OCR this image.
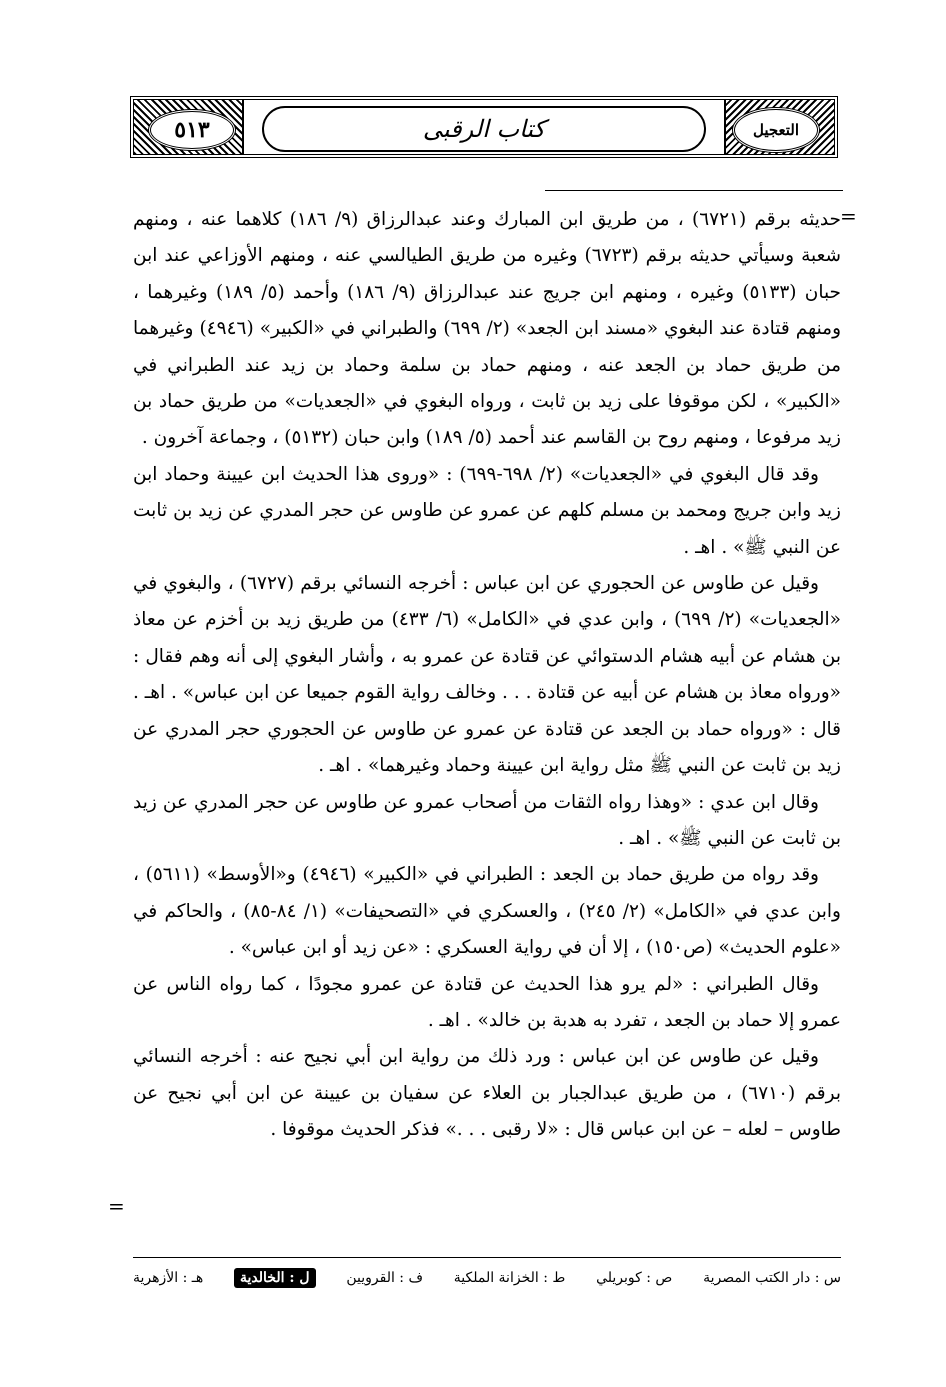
٥١٣	كتاب الرقبى	التعجيل
=

حديثه برقم (٦٧٢١) ، من طريق ابن المبارك وعند عبدالرزاق (٩/ ١٨٦) كلاهما عنه ، ومنهم شعبة وسيأتي حديثه برقم (٦٧٢٣) وغيره من طريق الطيالسي عنه ، ومنهم الأوزاعي عند ابن حبان (٥١٣٣) وغيره ، ومنهم ابن جريج عند عبدالرزاق (٩/ ١٨٦) وأحمد (٥/ ١٨٩) وغيرهما ، ومنهم قتادة عند البغوي «مسند ابن الجعد» (٢/ ٦٩٩) والطبراني في «الكبير» (٤٩٤٦) وغيرهما من طريق حماد بن الجعد عنه ، ومنهم حماد بن سلمة وحماد بن زيد عند الطبراني في «الكبير» ، لكن موقوفا على زيد بن ثابت ، ورواه البغوي في «الجعديات» من طريق حماد بن زيد مرفوعا ، ومنهم روح بن القاسم عند أحمد (٥/ ١٨٩) وابن حبان (٥١٣٢) ، وجماعة آخرون .

وقد قال البغوي في «الجعديات» (٢/ ٦٩٨-٦٩٩) : «وروى هذا الحديث ابن عيينة وحماد ابن زيد وابن جريج ومحمد بن مسلم كلهم عن عمرو عن طاوس عن حجر المدري عن زيد بن ثابت عن النبي ﷺ» . اهـ .

وقيل عن طاوس عن الحجوري عن ابن عباس : أخرجه النسائي برقم (٦٧٢٧) ، والبغوي في «الجعديات» (٢/ ٦٩٩) ، وابن عدي في «الكامل» (٦/ ٤٣٣) من طريق زيد بن أخزم عن معاذ بن هشام عن أبيه هشام الدستوائي عن قتادة عن عمرو به ، وأشار البغوي إلى أنه وهم فقال : «ورواه معاذ بن هشام عن أبيه عن قتادة . . . وخالف رواية القوم جميعا عن ابن عباس» . اهـ . قال : «ورواه حماد بن الجعد عن قتادة عن عمرو عن طاوس عن الحجوري حجر المدري عن زيد بن ثابت عن النبي ﷺ مثل رواية ابن عيينة وحماد وغيرهما» . اهـ .

وقال ابن عدي : «وهذا رواه الثقات من أصحاب عمرو عن طاوس عن حجر المدري عن زيد بن ثابت عن النبي ﷺ» . اهـ .

وقد رواه من طريق حماد بن الجعد : الطبراني في «الكبير» (٤٩٤٦) و«الأوسط» (٥٦١١) ، وابن عدي في «الكامل» (٢/ ٢٤٥) ، والعسكري في «التصحيفات» (١/ ٨٤-٨٥) ، والحاكم في «علوم الحديث» (ص١٥٠) ، إلا أن في رواية العسكري : «عن زيد أو ابن عباس» .

وقال الطبراني : «لم يرو هذا الحديث عن قتادة عن عمرو مجودًا ، كما رواه الناس عن عمرو إلا حماد بن الجعد ، تفرد به هدبة بن خالد» . اهـ .

وقيل عن طاوس عن ابن عباس : ورد ذلك من رواية ابن أبي نجيح عنه : أخرجه النسائي برقم (٦٧١٠) ، من طريق عبدالجبار بن العلاء عن سفيان بن عيينة عن ابن أبي نجيح عن طاوس – لعله – عن ابن عباس قال : «لا رقبى . . .» فذكر الحديث موقوفا .

=
س : دار الكتب المصرية
ص : كوبريلي
ط : الخزانة الملكية
ف : القرويين
ل : الخالدية
هـ : الأزهرية
